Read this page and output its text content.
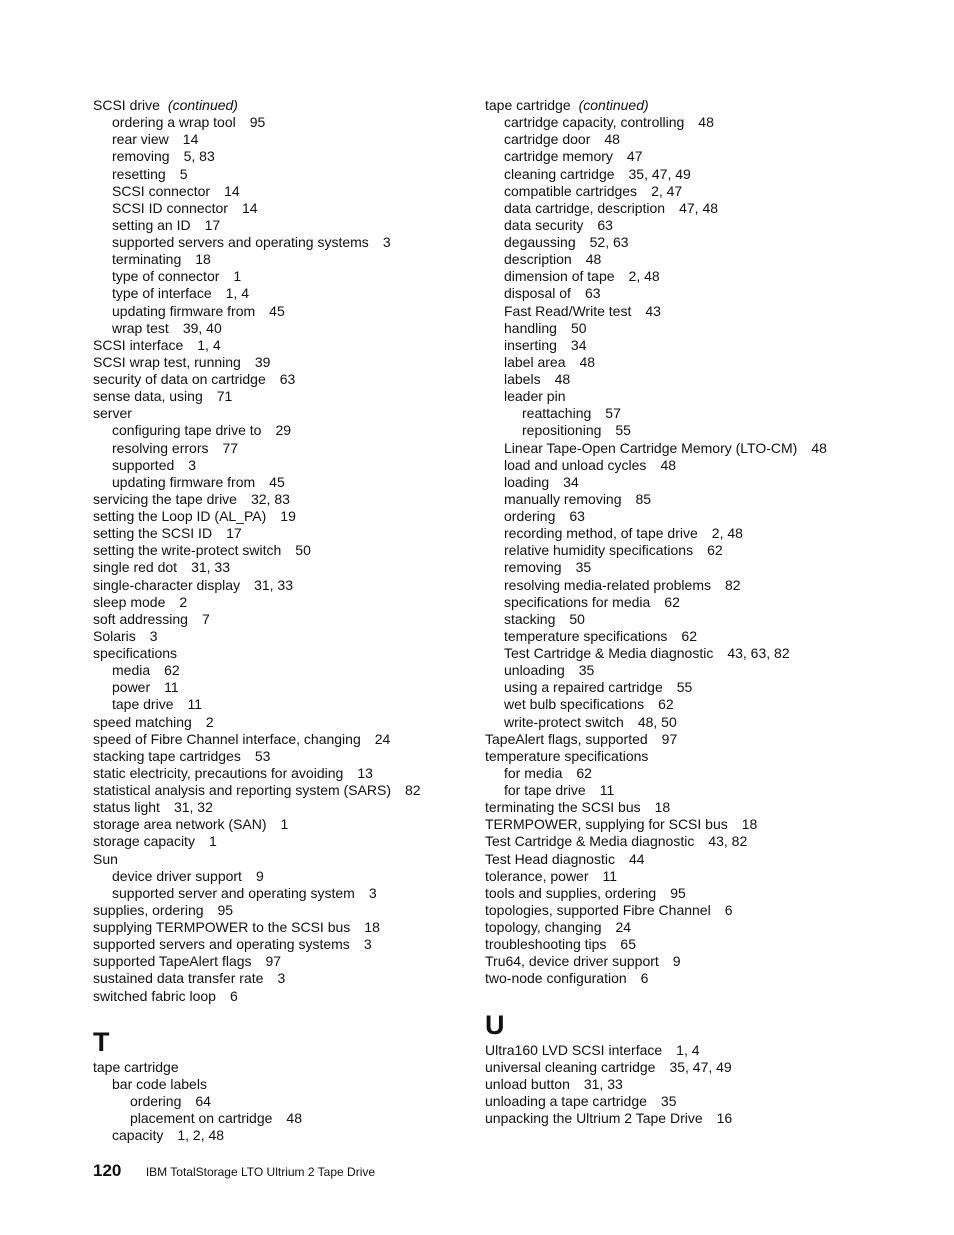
SCSI drive (continued)
ordering a wrap tool 95
rear view 14
removing 5, 83
resetting 5
SCSI connector 14
SCSI ID connector 14
setting an ID 17
supported servers and operating systems 3
terminating 18
type of connector 1
type of interface 1, 4
updating firmware from 45
wrap test 39, 40
SCSI interface 1, 4
SCSI wrap test, running 39
security of data on cartridge 63
sense data, using 71
server
configuring tape drive to 29
resolving errors 77
supported 3
updating firmware from 45
servicing the tape drive 32, 83
setting the Loop ID (AL_PA) 19
setting the SCSI ID 17
setting the write-protect switch 50
single red dot 31, 33
single-character display 31, 33
sleep mode 2
soft addressing 7
Solaris 3
specifications
media 62
power 11
tape drive 11
speed matching 2
speed of Fibre Channel interface, changing 24
stacking tape cartridges 53
static electricity, precautions for avoiding 13
statistical analysis and reporting system (SARS) 82
status light 31, 32
storage area network (SAN) 1
storage capacity 1
Sun
device driver support 9
supported server and operating system 3
supplies, ordering 95
supplying TERMPOWER to the SCSI bus 18
supported servers and operating systems 3
supported TapeAlert flags 97
sustained data transfer rate 3
switched fabric loop 6
T
tape cartridge
bar code labels
ordering 64
placement on cartridge 48
capacity 1, 2, 48
tape cartridge (continued)
cartridge capacity, controlling 48
cartridge door 48
cartridge memory 47
cleaning cartridge 35, 47, 49
compatible cartridges 2, 47
data cartridge, description 47, 48
data security 63
degaussing 52, 63
description 48
dimension of tape 2, 48
disposal of 63
Fast Read/Write test 43
handling 50
inserting 34
label area 48
labels 48
leader pin
reattaching 57
repositioning 55
Linear Tape-Open Cartridge Memory (LTO-CM) 48
load and unload cycles 48
loading 34
manually removing 85
ordering 63
recording method, of tape drive 2, 48
relative humidity specifications 62
removing 35
resolving media-related problems 82
specifications for media 62
stacking 50
temperature specifications 62
Test Cartridge & Media diagnostic 43, 63, 82
unloading 35
using a repaired cartridge 55
wet bulb specifications 62
write-protect switch 48, 50
TapeAlert flags, supported 97
temperature specifications
for media 62
for tape drive 11
terminating the SCSI bus 18
TERMPOWER, supplying for SCSI bus 18
Test Cartridge & Media diagnostic 43, 82
Test Head diagnostic 44
tolerance, power 11
tools and supplies, ordering 95
topologies, supported Fibre Channel 6
topology, changing 24
troubleshooting tips 65
Tru64, device driver support 9
two-node configuration 6
U
Ultra160 LVD SCSI interface 1, 4
universal cleaning cartridge 35, 47, 49
unload button 31, 33
unloading a tape cartridge 35
unpacking the Ultrium 2 Tape Drive 16
120 IBM TotalStorage LTO Ultrium 2 Tape Drive
